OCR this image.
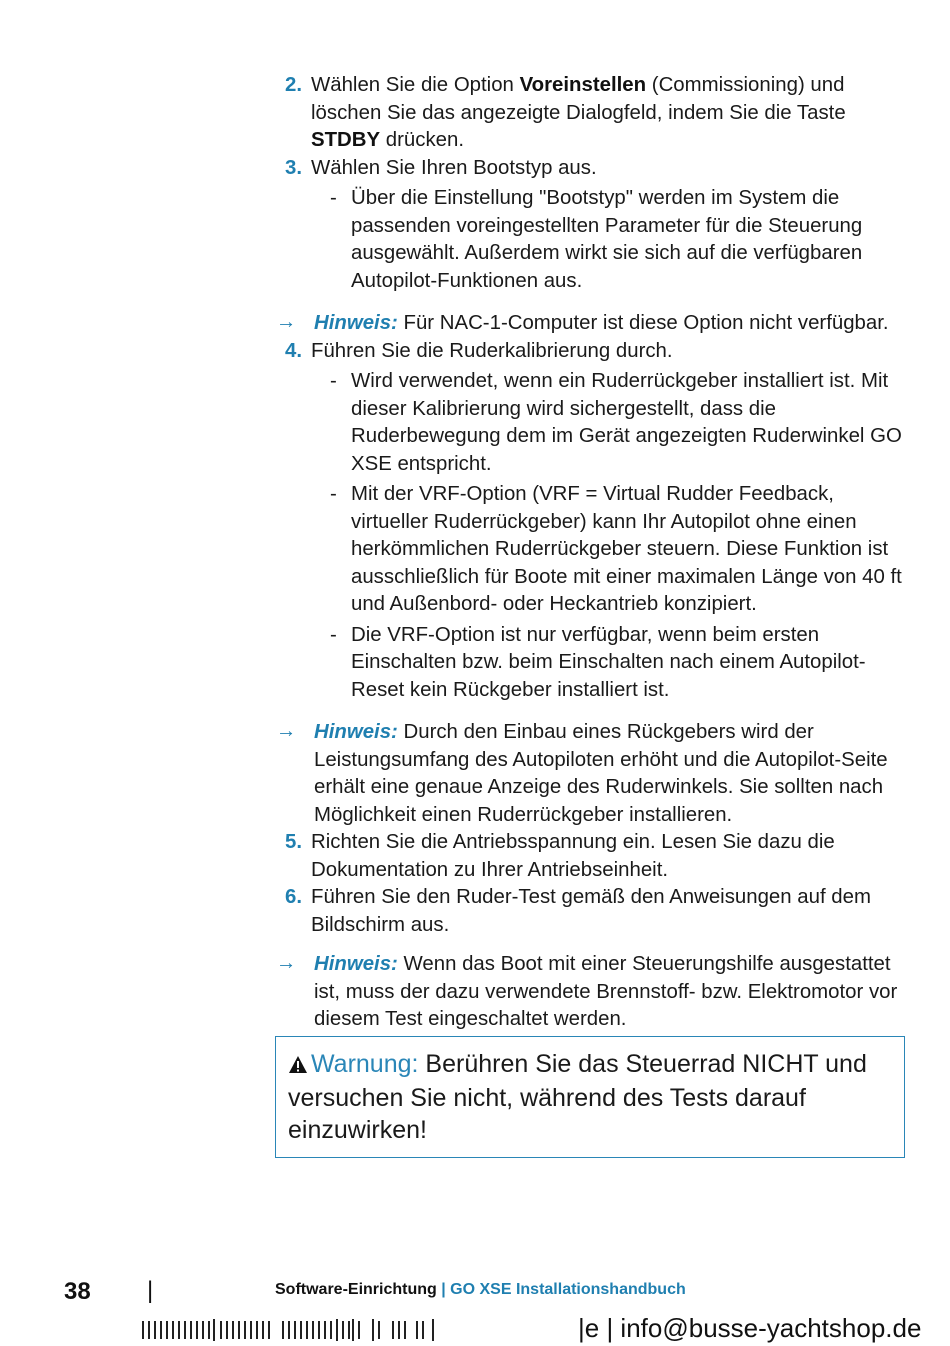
2. Wählen Sie die Option Voreinstellen (Commissioning) und löschen Sie das angezeigte Dialogfeld, indem Sie die Taste STDBY drücken.
3. Wählen Sie Ihren Bootstyp aus.
- Über die Einstellung "Bootstyp" werden im System die passenden voreingestellten Parameter für die Steuerung ausgewählt. Außerdem wirkt sie sich auf die verfügbaren Autopilot-Funktionen aus.
→ Hinweis: Für NAC-1-Computer ist diese Option nicht verfügbar.
4. Führen Sie die Ruderkalibrierung durch.
- Wird verwendet, wenn ein Ruderrückgeber installiert ist. Mit dieser Kalibrierung wird sichergestellt, dass die Ruderbewegung dem im Gerät angezeigten Ruderwinkel GO XSE entspricht.
- Mit der VRF-Option (VRF = Virtual Rudder Feedback, virtueller Ruderrückgeber) kann Ihr Autopilot ohne einen herkömmlichen Ruderrückgeber steuern. Diese Funktion ist ausschließlich für Boote mit einer maximalen Länge von 40 ft und Außenbord- oder Heckantrieb konzipiert.
- Die VRF-Option ist nur verfügbar, wenn beim ersten Einschalten bzw. beim Einschalten nach einem Autopilot-Reset kein Rückgeber installiert ist.
→ Hinweis: Durch den Einbau eines Rückgebers wird der Leistungsumfang des Autopiloten erhöht und die Autopilot-Seite erhält eine genaue Anzeige des Ruderwinkels. Sie sollten nach Möglichkeit einen Ruderrückgeber installieren.
5. Richten Sie die Antriebsspannung ein. Lesen Sie dazu die Dokumentation zu Ihrer Antriebseinheit.
6. Führen Sie den Ruder-Test gemäß den Anweisungen auf dem Bildschirm aus.
→ Hinweis: Wenn das Boot mit einer Steuerungshilfe ausgestattet ist, muss der dazu verwendete Brennstoff- bzw. Elektromotor vor diesem Test eingeschaltet werden.
Warnung: Berühren Sie das Steuerrad NICHT und versuchen Sie nicht, während des Tests darauf einzuwirken!
38 |	Software-Einrichtung | GO XSE Installationshandbuch
|e | info@busse-yachtshop.de
